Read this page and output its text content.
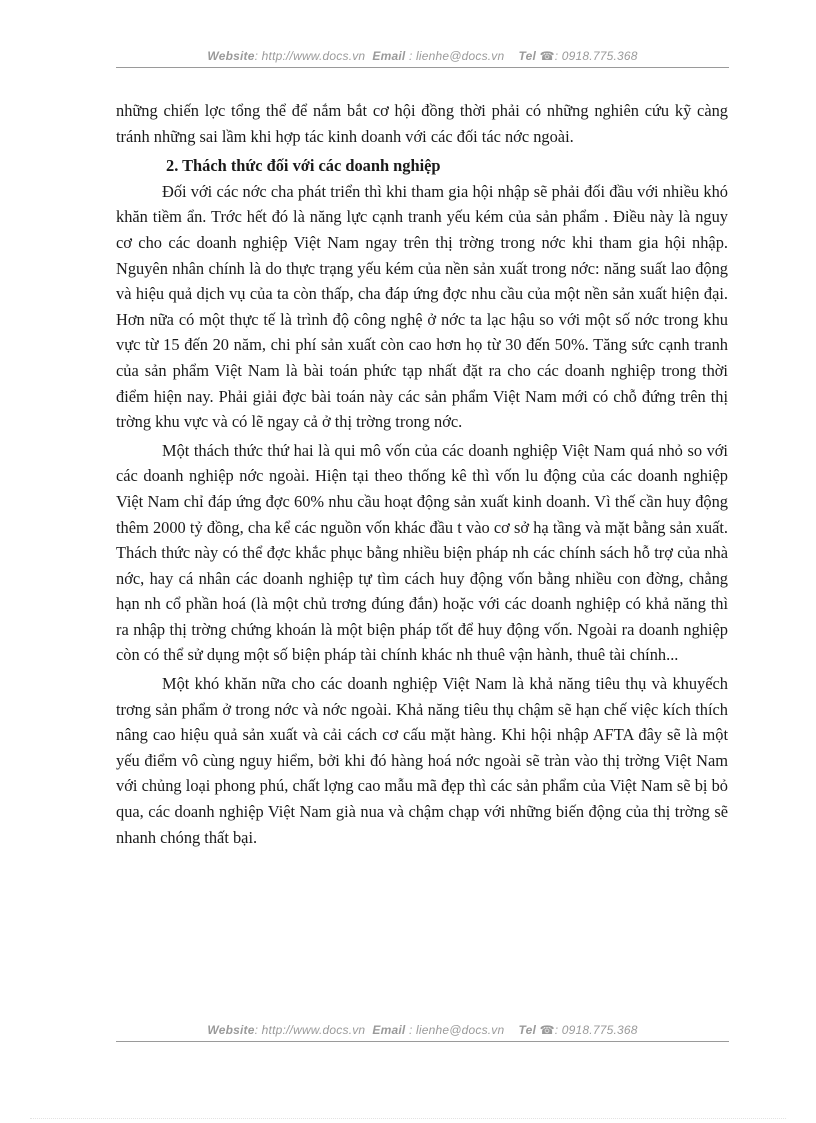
Website: http://www.docs.vn Email : lienhe@docs.vn Tel ☎: 0918.775.368

những chiến lợc tổng thể để nắm bắt cơ hội đồng thời phải có những nghiên cứu kỹ càng tránh những sai lầm khi hợp tác kinh doanh với các đối tác nớc ngoài.

2. Thách thức đối với các doanh nghiệp

Đối với các nớc cha phát triển thì khi tham gia hội nhập sẽ phải đối đầu với nhiều khó khăn tiềm ẩn. Trớc hết đó là năng lực cạnh tranh yếu kém của sản phẩm . Điều này là nguy cơ cho các doanh nghiệp Việt Nam ngay trên thị trờng trong nớc khi tham gia hội nhập. Nguyên nhân chính là do thực trạng yếu kém của nền sản xuất trong nớc: năng suất lao động và hiệu quả dịch vụ của ta còn thấp, cha đáp ứng đợc nhu cầu của một nền sản xuất hiện đại. Hơn nữa có một thực tế là trình độ công nghệ ở nớc ta lạc hậu so với một số nớc trong khu vực từ 15 đến 20 năm, chi phí sản xuất còn cao hơn họ từ 30 đến 50%. Tăng sức cạnh tranh của sản phẩm Việt Nam là bài toán phức tạp nhất đặt ra cho các doanh nghiệp trong thời điểm hiện nay. Phải giải đợc bài toán này các sản phẩm Việt Nam mới có chỗ đứng trên thị trờng khu vực và có lẽ ngay cả ở thị trờng trong nớc.

Một thách thức thứ hai là qui mô vốn của các doanh nghiệp Việt Nam quá nhỏ so với các doanh nghiệp nớc ngoài. Hiện tại theo thống kê thì vốn lu động của các doanh nghiệp Việt Nam chỉ đáp ứng đợc 60% nhu cầu hoạt động sản xuất kinh doanh. Vì thế cần huy động thêm 2000 tỷ đồng, cha kể các nguồn vốn khác đầu t vào cơ sở hạ tầng và mặt bằng sản xuất. Thách thức này có thể đợc khắc phục bằng nhiều biện pháp nh các chính sách hỗ trợ của nhà nớc, hay cá nhân các doanh nghiệp tự tìm cách huy động vốn bằng nhiều con đờng, chẳng hạn nh cổ phần hoá (là một chủ trơng đúng đắn) hoặc với các doanh nghiệp có khả năng thì ra nhập thị trờng chứng khoán là một biện pháp tốt để huy động vốn. Ngoài ra doanh nghiệp còn có thể sử dụng một số biện pháp tài chính khác nh thuê vận hành, thuê tài chính...

Một khó khăn nữa cho các doanh nghiệp Việt Nam là khả năng tiêu thụ và khuyếch trơng sản phẩm ở trong nớc và nớc ngoài. Khả năng tiêu thụ chậm sẽ hạn chế việc kích thích nâng cao hiệu quả sản xuất và cải cách cơ cấu mặt hàng. Khi hội nhập AFTA đây sẽ là một yếu điểm vô cùng nguy hiểm, bởi khi đó hàng hoá nớc ngoài sẽ tràn vào thị trờng Việt Nam với chủng loại phong phú, chất lợng cao mẫu mã đẹp thì các sản phẩm của Việt Nam sẽ bị bỏ qua, các doanh nghiệp Việt Nam già nua và chậm chạp với những biến động của thị trờng sẽ nhanh chóng thất bại.

Website: http://www.docs.vn Email : lienhe@docs.vn Tel ☎: 0918.775.368
